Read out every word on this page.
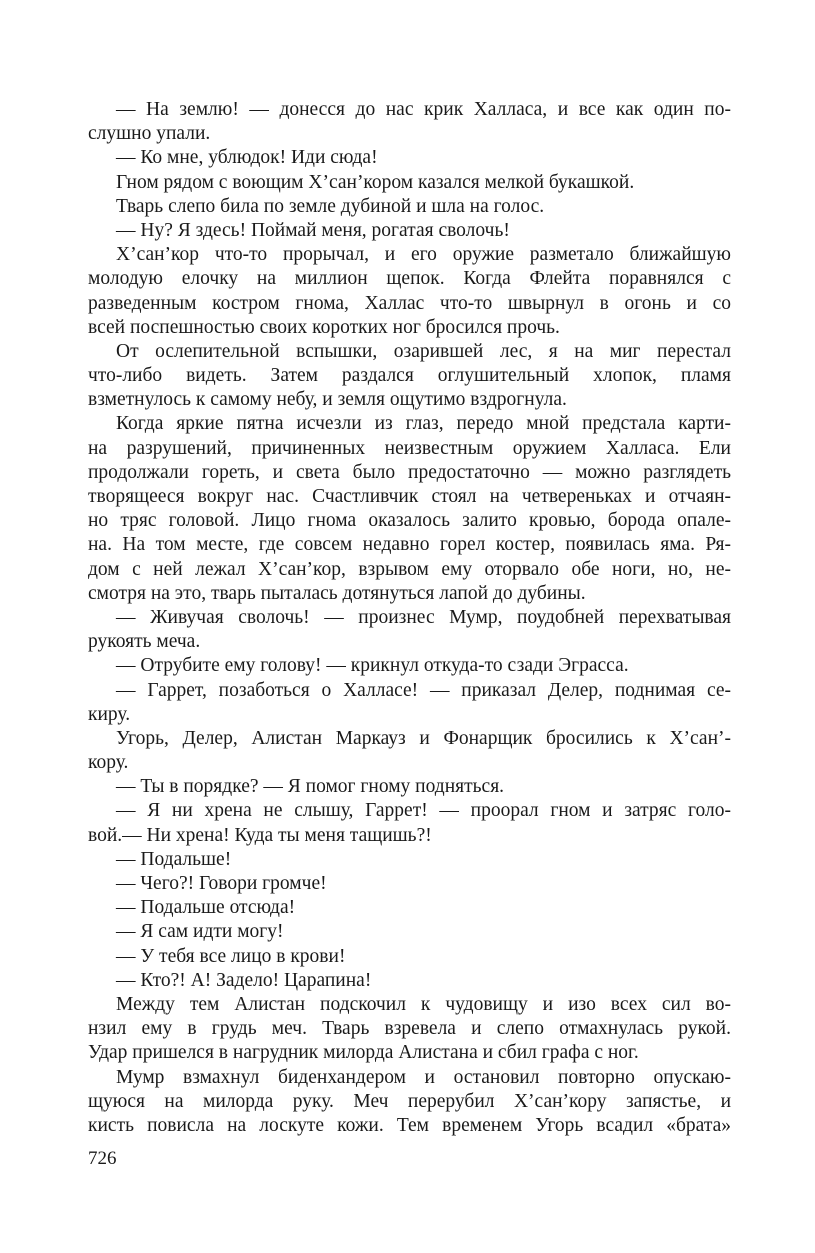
— На землю! — донесся до нас крик Халласа, и все как один по-
слушно упали.
— Ко мне, ублюдок! Иди сюда!
Гном рядом с воющим Х’сан’кором казался мелкой букашкой.
Тварь слепо била по земле дубиной и шла на голос.
— Ну? Я здесь! Поймай меня, рогатая сволочь!
Х’сан’кор что-то прорычал, и его оружие разметало ближайшую
молодую елочку на миллион щепок. Когда Флейта поравнялся с
разведенным костром гнома, Халлас что-то швырнул в огонь и со
всей поспешностью своих коротких ног бросился прочь.
От ослепительной вспышки, озарившей лес, я на миг перестал
что-либо видеть. Затем раздался оглушительный хлопок, пламя
взметнулось к самому небу, и земля ощутимо вздрогнула.
Когда яркие пятна исчезли из глаз, передо мной предстала карти-
на разрушений, причиненных неизвестным оружием Халласа. Ели
продолжали гореть, и света было предостаточно — можно разглядеть
творящееся вокруг нас. Счастливчик стоял на четвереньках и отчаян-
но тряс головой. Лицо гнома оказалось залито кровью, борода опале-
на. На том месте, где совсем недавно горел костер, появилась яма. Ря-
дом с ней лежал Х’сан’кор, взрывом ему оторвало обе ноги, но, не-
смотря на это, тварь пыталась дотянуться лапой до дубины.
— Живучая сволочь! — произнес Мумр, поудобней перехватывая
рукоять меча.
— Отрубите ему голову! — крикнул откуда-то сзади Эграсса.
— Гаррет, позаботься о Халласе! — приказал Делер, поднимая се-
киру.
Угорь, Делер, Алистан Маркауз и Фонарщик бросились к Х’сан’-
кору.
— Ты в порядке? — Я помог гному подняться.
— Я ни хрена не слышу, Гаррет! — проорал гном и затряс голо-
вой.— Ни хрена! Куда ты меня тащишь?!
— Подальше!
— Чего?! Говори громче!
— Подальше отсюда!
— Я сам идти могу!
— У тебя все лицо в крови!
— Кто?! А! Задело! Царапина!
Между тем Алистан подскочил к чудовищу и изо всех сил во-
нзил ему в грудь меч. Тварь взревела и слепо отмахнулась рукой.
Удар пришелся в нагрудник милорда Алистана и сбил графа с ног.
Мумр взмахнул биденхандером и остановил повторно опускаю-
щуюся на милорда руку. Меч перерубил Х’сан’кору запястье, и
кисть повисла на лоскуте кожи. Тем временем Угорь всадил «брата»
726
